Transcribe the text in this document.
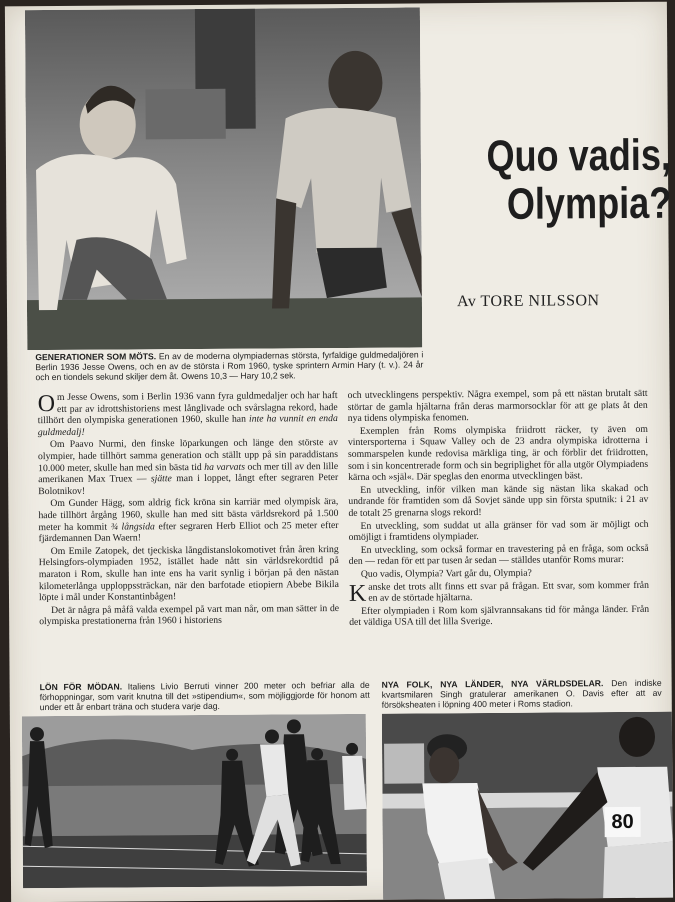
Quo vadis,
Olympia?
Av TORE NILSSON
GENERATIONER SOM MÖTS. En av de moderna olympiadernas största, fyrfaldige guldmedaljören i Berlin 1936 Jesse Owens, och en av de största i Rom 1960, tyske sprintern Armin Hary (t. v.). 24 år och en tiondels sekund skiljer dem åt. Owens 10,3 — Hary 10,2 sek.

Om Jesse Owens, som i Berlin 1936 vann fyra guldmedaljer och har haft ett par av idrottshistoriens mest långlivade och svårslagna rekord, hade tillhört den olympiska generationen 1960, skulle han inte ha vunnit en enda guldmedalj!

Om Paavo Nurmi, den finske löparkungen och länge den störste av olympier, hade tillhört samma generation och ställt upp på sin paraddistans 10.000 meter, skulle han med sin bästa tid ha varvats och mer till av den lille amerikanen Max Truex — sjätte man i loppet, långt efter segraren Peter Bolotnikov!

Om Gunder Hägg, som aldrig fick kröna sin karriär med olympisk ära, hade tillhört årgång 1960, skulle han med sitt bästa världsrekord på 1.500 meter ha kommit ¾ långsida efter segraren Herb Elliot och 25 meter efter fjärdemannen Dan Waern!

Om Emile Zatopek, det tjeckiska långdistanslokomotivet från åren kring Helsingfors-olympiaden 1952, istället hade nått sin världsrekordtid på maraton i Rom, skulle han inte ens ha varit synlig i början på den nästan kilometerlånga upploppssträckan, när den barfotade etiopiern Abebe Bikila löpte i mål under Konstantinbågen!

Det är några på måfå valda exempel på vart man når, om man sätter in de olympiska prestationerna från 1960 i historiens

och utvecklingens perspektiv. Några exempel, som på ett nästan brutalt sätt störtar de gamla hjältarna från deras marmorsocklar för att ge plats åt den nya tidens olympiska fenomen.

Exemplen från Roms olympiska friidrott räcker, ty även om vintersporterna i Squaw Valley och de 23 andra olympiska idrotterna i sommarspelen kunde redovisa märkliga ting, är och förblir det friidrotten, som i sin koncentrerade form och sin begriplighet för alla utgör Olympiadens kärna och »själ«. Där speglas den enorma utvecklingen bäst.

En utveckling, inför vilken man kände sig nästan lika skakad och undrande för framtiden som då Sovjet sände upp sin första sputnik: i 21 av de totalt 25 grenarna slogs rekord!

En utveckling, som suddat ut alla gränser för vad som är möjligt och omöjligt i framtidens olympiader.

En utveckling, som också formar en travestering på en fråga, som också den — redan för ett par tusen år sedan — ställdes utanför Roms murar:

Quo vadis, Olympia? Vart går du, Olympia?

Kanske det trots allt finns ett svar på frågan. Ett svar, som kommer från en av de störtade hjältarna.

Efter olympiaden i Rom kom självrannsakans tid för många länder. Från det väldiga USA till det lilla Sverige.

LÖN FÖR MÖDAN. Italiens Livio Berruti vinner 200 meter och befriar alla de förhoppningar, som varit knutna till det »stipendium«, som möjliggjorde för honom att under ett år enbart träna och studera varje dag.
NYA FOLK, NYA LÄNDER, NYA VÄRLDSDELAR. Den indiske kvartsmilaren Singh gratulerar amerikanen O. Davis efter att av försöksheaten i löpning 400 meter i Roms stadion.
80
